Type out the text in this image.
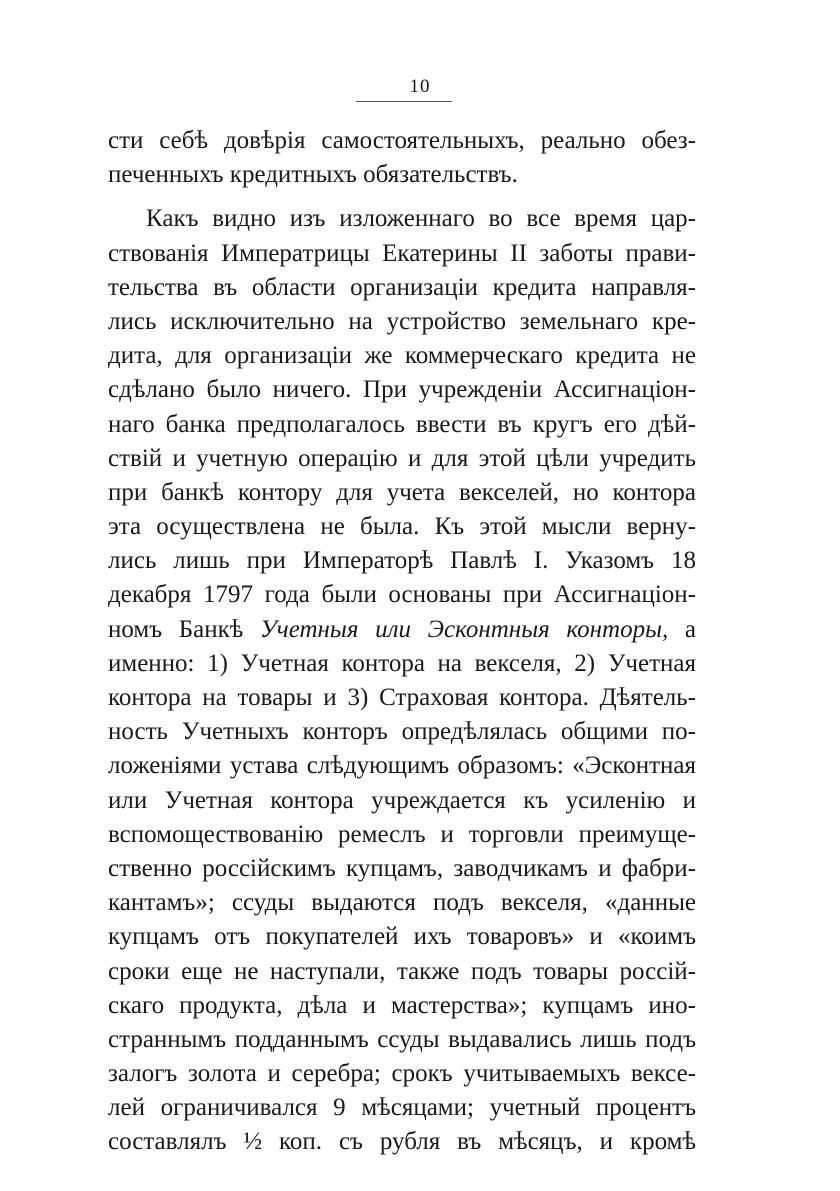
10
сти себѣ довѣрія самостоятельныхъ, реально обез-
печенныхъ кредитныхъ обязательствъ.
Какъ видно изъ изложеннаго во все время цар-
ствованія Императрицы Екатерины II заботы прави-
тельства въ области организаціи кредита направля-
лись исключительно на устройство земельнаго кре-
дита, для организаціи же коммерческаго кредита не
сдѣлано было ничего. При учрежденіи Ассигнаціон-
наго банка предполагалось ввести въ кругъ его дѣй-
ствій и учетную операцію и для этой цѣли учредить
при банкѣ контору для учета векселей, но контора
эта осуществлена не была. Къ этой мысли верну-
лись лишь при Императорѣ Павлѣ I. Указомъ 18
декабря 1797 года были основаны при Ассигнаціон-
номъ Банкѣ Учетныя или Эсконтныя конторы, а
именно: 1) Учетная контора на векселя, 2) Учетная
контора на товары и 3) Страховая контора. Дѣятель-
ность Учетныхъ конторъ опредѣлялась общими по-
ложеніями устава слѣдующимъ образомъ: «Эсконтная
или Учетная контора учреждается къ усиленію и
вспомоществованію ремеслъ и торговли преимуще-
ственно россійскимъ купцамъ, заводчикамъ и фабри-
кантамъ»; ссуды выдаются подъ векселя, «данные
купцамъ отъ покупателей ихъ товаровъ» и «коимъ
сроки еще не наступали, также подъ товары россій-
скаго продукта, дѣла и мастерства»; купцамъ ино-
страннымъ подданнымъ ссуды выдавались лишь подъ
залогъ золота и серебра; срокъ учитываемыхъ вексе-
лей ограничивался 9 мѣсяцами; учетный процентъ
составлялъ ½ коп. съ рубля въ мѣсяцъ, и кромѣ
